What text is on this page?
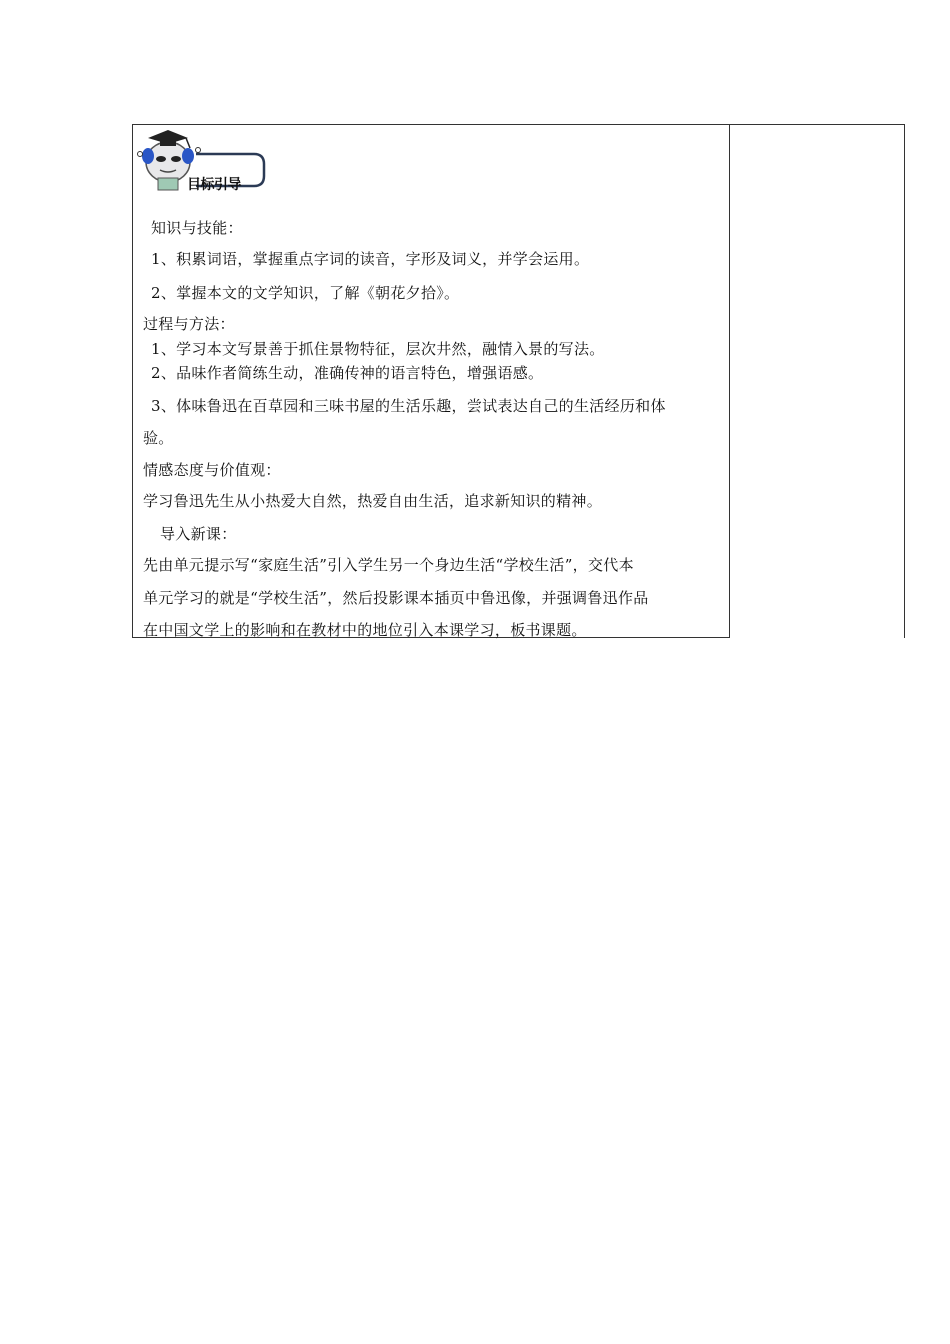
目标引导
知识与技能：
1、积累词语，掌握重点字词的读音，字形及词义，并学会运用。
2、掌握本文的文学知识，了解《朝花夕拾》。
过程与方法：
1、学习本文写景善于抓住景物特征，层次井然，融情入景的写法。
2、品味作者简练生动，准确传神的语言特色，增强语感。
3、体味鲁迅在百草园和三味书屋的生活乐趣，尝试表达自己的生活经历和体
验。
情感态度与价值观：
学习鲁迅先生从小热爱大自然，热爱自由生活，追求新知识的精神。
导入新课：
先由单元提示写“家庭生活”引入学生另一个身边生活“学校生活”，交代本
单元学习的就是“学校生活”，然后投影课本插页中鲁迅像，并强调鲁迅作品
在中国文学上的影响和在教材中的地位引入本课学习，板书课题。
